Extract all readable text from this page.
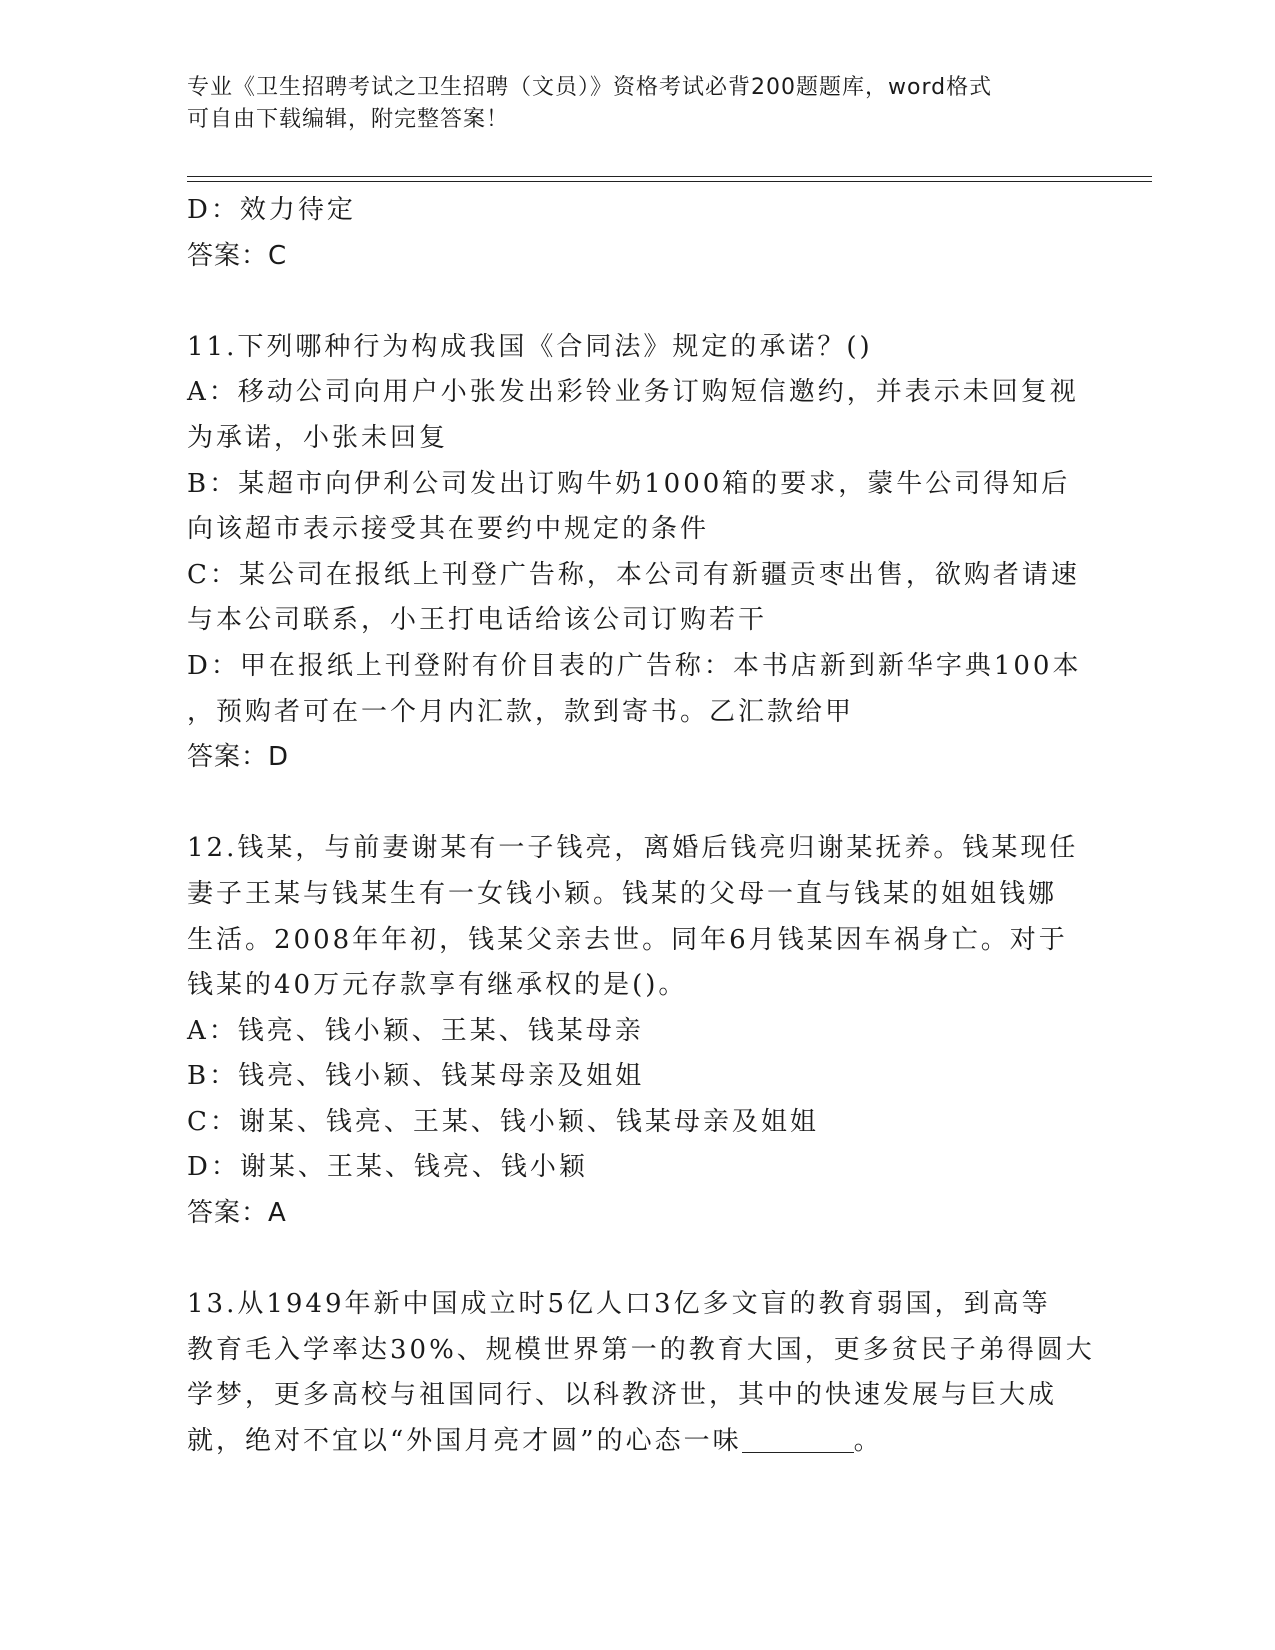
专业《卫生招聘考试之卫生招聘（文员）》资格考试必背200题题库，word格式
可自由下载编辑，附完整答案！
D：效力待定
答案：C
11.下列哪种行为构成我国《合同法》规定的承诺？()
A：移动公司向用户小张发出彩铃业务订购短信邀约，并表示未回复视
为承诺，小张未回复
B：某超市向伊利公司发出订购牛奶1000箱的要求，蒙牛公司得知后
向该超市表示接受其在要约中规定的条件
C：某公司在报纸上刊登广告称，本公司有新疆贡枣出售，欲购者请速
与本公司联系，小王打电话给该公司订购若干
D：甲在报纸上刊登附有价目表的广告称：本书店新到新华字典100本
，预购者可在一个月内汇款，款到寄书。乙汇款给甲
答案：D
12.钱某，与前妻谢某有一子钱亮，离婚后钱亮归谢某抚养。钱某现任
妻子王某与钱某生有一女钱小颖。钱某的父母一直与钱某的姐姐钱娜
生活。2008年年初，钱某父亲去世。同年6月钱某因车祸身亡。对于
钱某的40万元存款享有继承权的是()。
A：钱亮、钱小颖、王某、钱某母亲
B：钱亮、钱小颖、钱某母亲及姐姐
C：谢某、钱亮、王某、钱小颖、钱某母亲及姐姐
D：谢某、王某、钱亮、钱小颖
答案：A
13.从1949年新中国成立时5亿人口3亿多文盲的教育弱国，到高等
教育毛入学率达30%、规模世界第一的教育大国，更多贫民子弟得圆大
学梦，更多高校与祖国同行、以科教济世，其中的快速发展与巨大成
就，绝对不宜以“外国月亮才圆”的心态一味	。
